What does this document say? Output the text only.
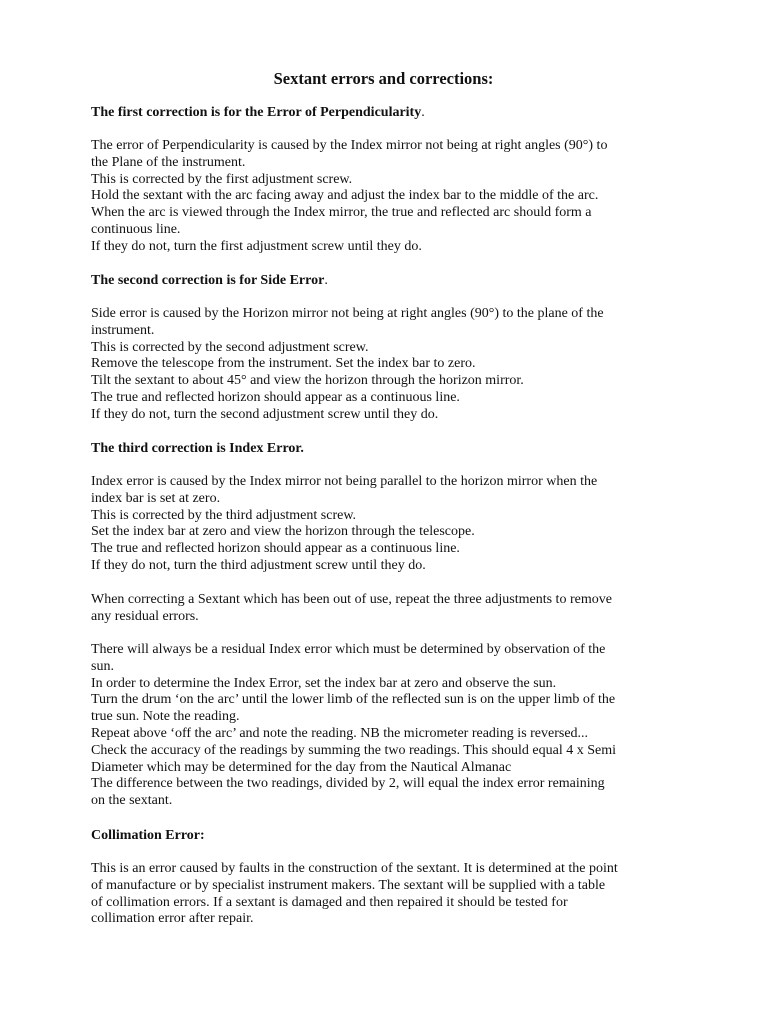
Sextant errors and corrections:

The first correction is for the Error of Perpendicularity.

The error of Perpendicularity is caused by the Index mirror not being at right angles (90°) to
the Plane of the instrument.
This is corrected by the first adjustment screw.
Hold the sextant with the arc facing away and adjust the index bar to the middle of the arc.
When the arc is viewed through the Index mirror, the true and reflected arc should form a
continuous line.
If they do not, turn the first adjustment screw until they do.

The second correction is for Side Error.

Side error is caused by the Horizon mirror not being at right angles (90°) to the plane of the
instrument.
This is corrected by the second adjustment screw.
Remove the telescope from the instrument. Set the index bar to zero.
Tilt the sextant to about 45° and view the horizon through the horizon mirror.
The true and reflected horizon should appear as a continuous line.
If they do not, turn the second adjustment screw until they do.

The third correction is Index Error.

Index error is caused by the Index mirror not being parallel to the horizon mirror when the
index bar is set at zero.
This is corrected by the third adjustment screw.
Set the index bar at zero and view the horizon through the telescope.
The true and reflected horizon should appear as a continuous line.
If they do not, turn the third adjustment screw until they do.

When correcting a Sextant which has been out of use, repeat the three adjustments to remove
any residual errors.

There will always be a residual Index error which must be determined by observation of the
sun.
In order to determine the Index Error, set the index bar at zero and observe the sun.
Turn the drum ‘on the arc’ until the lower limb of the reflected sun is on the upper limb of the
true sun. Note the reading.
Repeat above ‘off the arc’ and note the reading. NB the micrometer reading is reversed...
Check the accuracy of the readings by summing the two readings. This should equal 4 x Semi
Diameter which may be determined for the day from the Nautical Almanac
The difference between the two readings, divided by 2, will equal the index error remaining
on the sextant.

Collimation Error:

This is an error caused by faults in the construction of the sextant. It is determined at the point
of manufacture or by specialist instrument makers. The sextant will be supplied with a table
of collimation errors. If a sextant is damaged and then repaired it should be tested for
collimation error after repair.
